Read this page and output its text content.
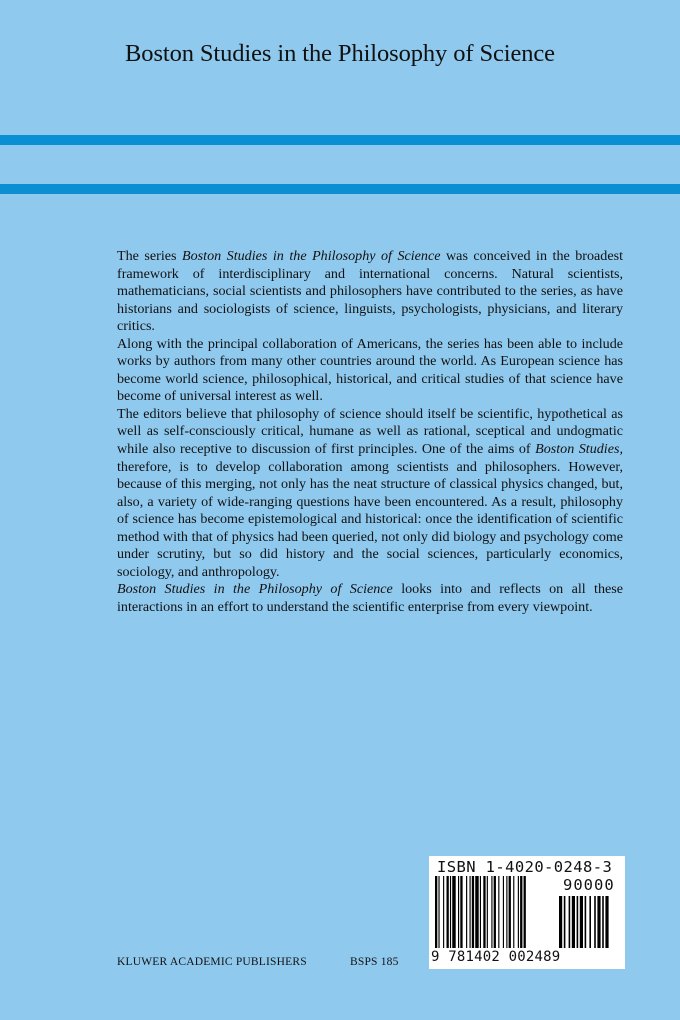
Boston Studies in the Philosophy of Science

The series Boston Studies in the Philosophy of Science was conceived in the broadest framework of interdisciplinary and international concerns. Natural scientists, mathematicians, social scientists and philosophers have contributed to the series, as have historians and sociologists of science, linguists, psychologists, physicians, and literary critics.

Along with the principal collaboration of Americans, the series has been able to include works by authors from many other countries around the world. As European science has become world science, philosophical, historical, and critical studies of that science have become of universal interest as well.

The editors believe that philosophy of science should itself be scientific, hypothetical as well as self-consciously critical, humane as well as rational, sceptical and undogmatic while also receptive to discussion of first principles. One of the aims of Boston Studies, therefore, is to develop collaboration among scientists and philosophers. However, because of this merging, not only has the neat structure of classical physics changed, but, also, a variety of wide-ranging questions have been encountered. As a result, philosophy of science has become epistemological and historical: once the identification of scientific method with that of physics had been queried, not only did biology and psychology come under scrutiny, but so did history and the social sciences, particularly economics, sociology, and anthropology.

Boston Studies in the Philosophy of Science looks into and reflects on all these interactions in an effort to understand the scientific enterprise from every viewpoint.

ISBN 1-4020-0248-3
90000
9 781402 002489
KLUWER ACADEMIC PUBLISHERS	BSPS 185
